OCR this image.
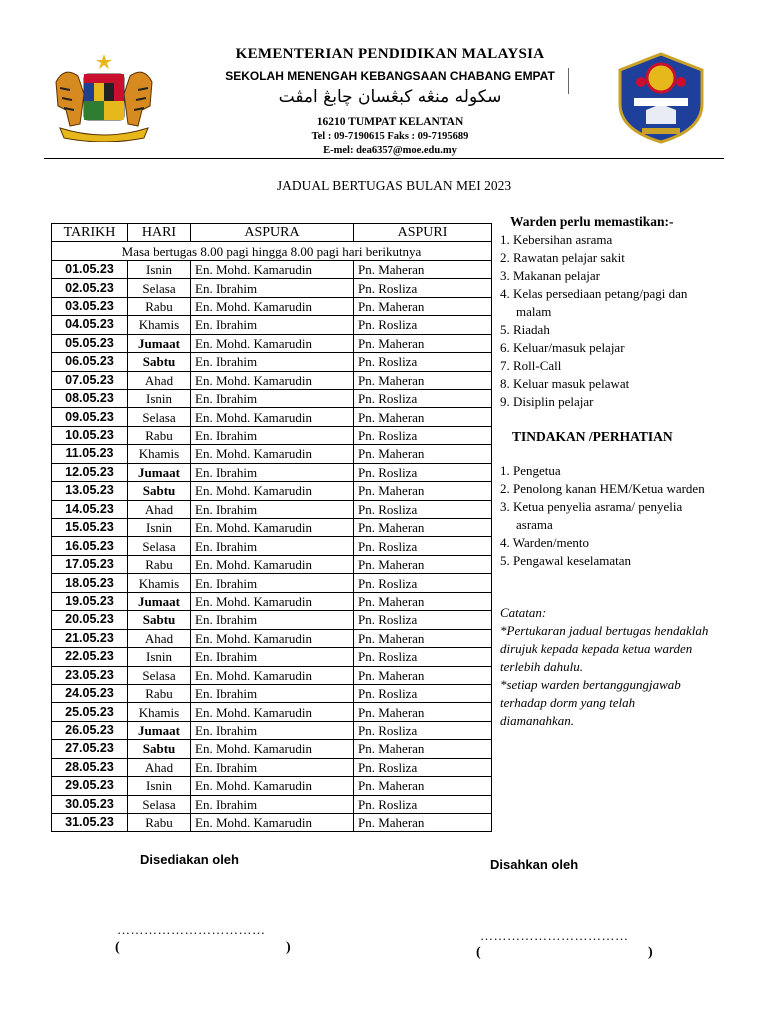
KEMENTERIAN PENDIDIKAN MALAYSIA
SEKOLAH MENENGAH KEBANGSAAN CHABANG EMPAT
سکوله منڠه کبڠسان چابڠ امڤت
16210 TUMPAT KELANTAN
Tel : 09-7190615 Faks : 09-7195689
E-mel: dea6357@moe.edu.my
JADUAL BERTUGAS BULAN MEI 2023
TARIKH	HARI	ASPURA	ASPURI
Masa bertugas 8.00 pagi hingga 8.00 pagi hari berikutnya			
01.05.23	Isnin	En. Mohd. Kamarudin	Pn. Maheran
02.05.23	Selasa	En. Ibrahim	Pn. Rosliza
03.05.23	Rabu	En. Mohd. Kamarudin	Pn. Maheran
04.05.23	Khamis	En. Ibrahim	Pn. Rosliza
05.05.23	Jumaat	En. Mohd. Kamarudin	Pn. Maheran
06.05.23	Sabtu	En. Ibrahim	Pn. Rosliza
07.05.23	Ahad	En. Mohd. Kamarudin	Pn. Maheran
08.05.23	Isnin	En. Ibrahim	Pn. Rosliza
09.05.23	Selasa	En. Mohd. Kamarudin	Pn. Maheran
10.05.23	Rabu	En. Ibrahim	Pn. Rosliza
11.05.23	Khamis	En. Mohd. Kamarudin	Pn. Maheran
12.05.23	Jumaat	En. Ibrahim	Pn. Rosliza
13.05.23	Sabtu	En. Mohd. Kamarudin	Pn. Maheran
14.05.23	Ahad	En. Ibrahim	Pn. Rosliza
15.05.23	Isnin	En. Mohd. Kamarudin	Pn. Maheran
16.05.23	Selasa	En. Ibrahim	Pn. Rosliza
17.05.23	Rabu	En. Mohd. Kamarudin	Pn. Maheran
18.05.23	Khamis	En. Ibrahim	Pn. Rosliza
19.05.23	Jumaat	En. Mohd. Kamarudin	Pn. Maheran
20.05.23	Sabtu	En. Ibrahim	Pn. Rosliza
21.05.23	Ahad	En. Mohd. Kamarudin	Pn. Maheran
22.05.23	Isnin	En. Ibrahim	Pn. Rosliza
23.05.23	Selasa	En. Mohd. Kamarudin	Pn. Maheran
24.05.23	Rabu	En. Ibrahim	Pn. Rosliza
25.05.23	Khamis	En. Mohd. Kamarudin	Pn. Maheran
26.05.23	Jumaat	En. Ibrahim	Pn. Rosliza
27.05.23	Sabtu	En. Mohd. Kamarudin	Pn. Maheran
28.05.23	Ahad	En. Ibrahim	Pn. Rosliza
29.05.23	Isnin	En. Mohd. Kamarudin	Pn. Maheran
30.05.23	Selasa	En. Ibrahim	Pn. Rosliza
31.05.23	Rabu	En. Mohd. Kamarudin	Pn. Maheran
Warden perlu memastikan:-
1. Kebersihan asrama
2. Rawatan pelajar sakit
3. Makanan pelajar
4. Kelas persediaan petang/pagi dan malam
5. Riadah
6. Keluar/masuk pelajar
7. Roll-Call
8. Keluar masuk pelawat
9. Disiplin pelajar
TINDAKAN /PERHATIAN
1. Pengetua
2. Penolong kanan HEM/Ketua warden
3. Ketua penyelia asrama/ penyelia asrama
4. Warden/mento
5. Pengawal keselamatan

Catatan:

*Pertukaran jadual bertugas hendaklah dirujuk kepada kepada ketua warden terlebih dahulu.

*setiap warden bertanggungjawab terhadap dorm yang telah diamanahkan.

Disediakan oleh	Disahkan oleh
……………………………	……………………………
(	)	(	)
